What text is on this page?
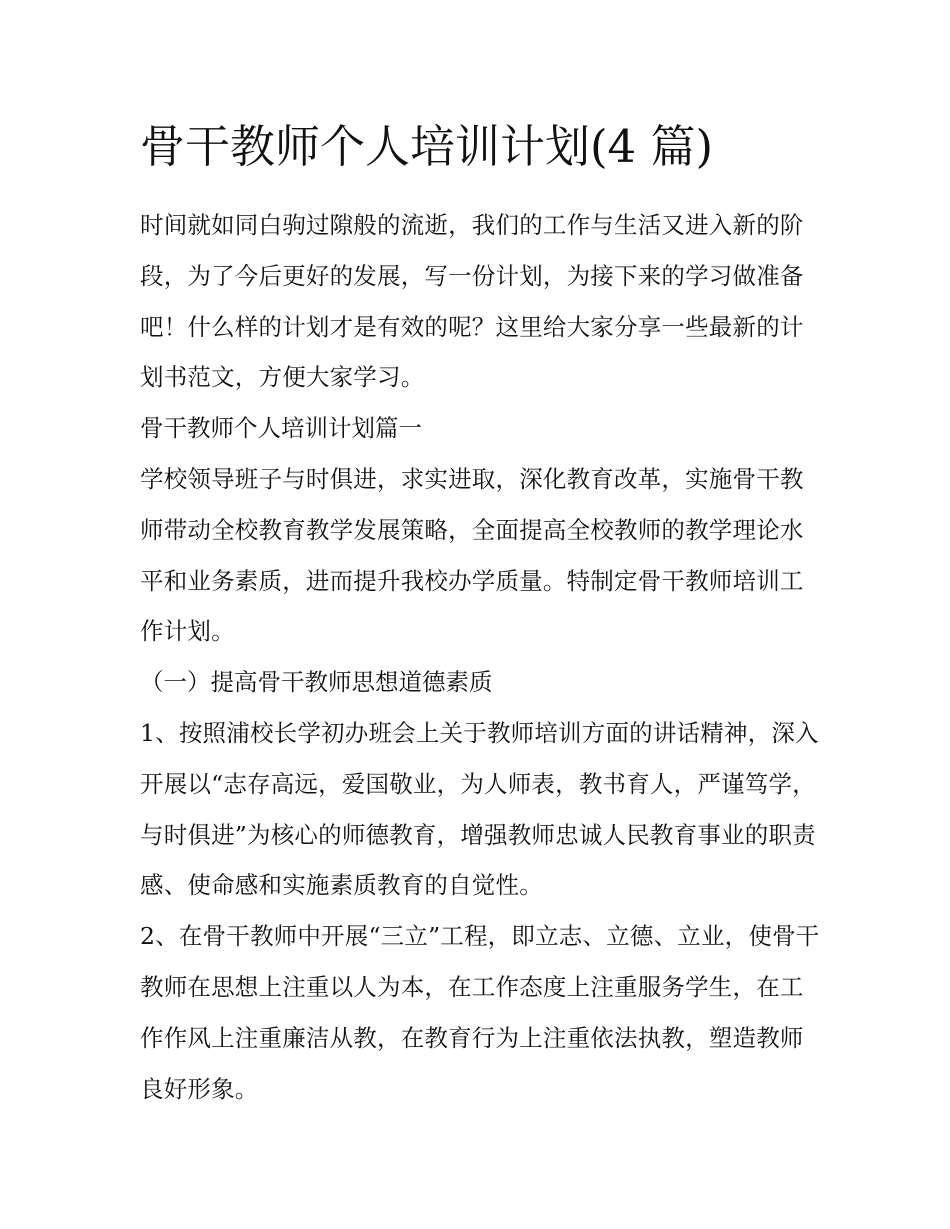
骨干教师个人培训计划(4 篇)

时间就如同白驹过隙般的流逝，我们的工作与生活又进入新的阶段，为了今后更好的发展，写一份计划，为接下来的学习做准备吧！什么样的计划才是有效的呢？这里给大家分享一些最新的计划书范文，方便大家学习。

骨干教师个人培训计划篇一

学校领导班子与时俱进，求实进取，深化教育改革，实施骨干教师带动全校教育教学发展策略，全面提高全校教师的教学理论水平和业务素质，进而提升我校办学质量。特制定骨干教师培训工作计划。

（一）提高骨干教师思想道德素质

1、按照浦校长学初办班会上关于教师培训方面的讲话精神，深入开展以“志存高远，爱国敬业，为人师表，教书育人，严谨笃学，与时俱进”为核心的师德教育，增强教师忠诚人民教育事业的职责感、使命感和实施素质教育的自觉性。

2、在骨干教师中开展“三立”工程，即立志、立德、立业，使骨干教师在思想上注重以人为本，在工作态度上注重服务学生，在工作作风上注重廉洁从教，在教育行为上注重依法执教，塑造教师良好形象。
